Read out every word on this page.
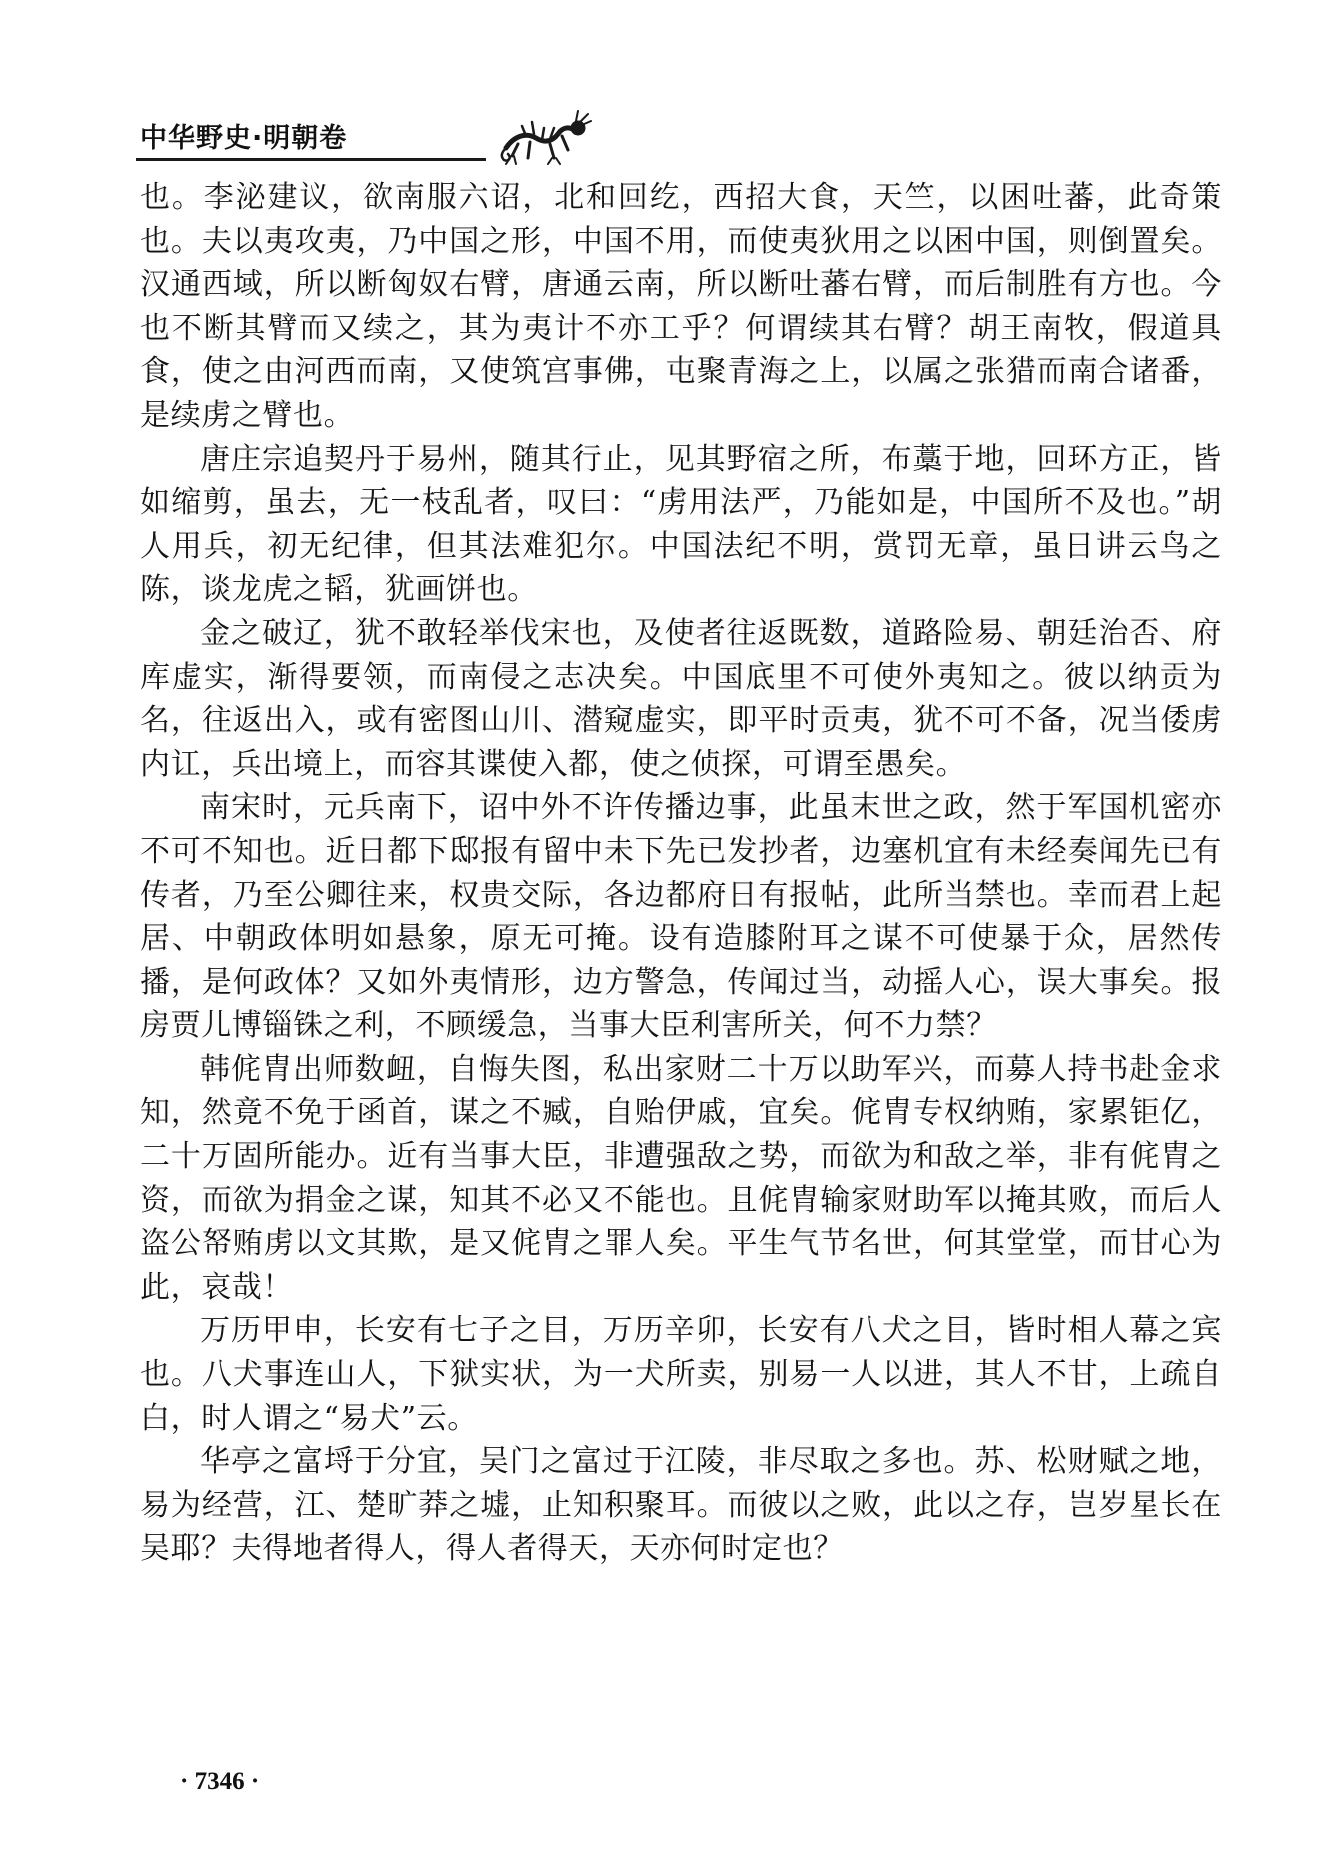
中华野史·明朝卷

也。李泌建议，欲南服六诏，北和回纥，西招大食，天竺，以困吐蕃，此奇策也。夫以夷攻夷，乃中国之形，中国不用，而使夷狄用之以困中国，则倒置矣。汉通西域，所以断匈奴右臂，唐通云南，所以断吐蕃右臂，而后制胜有方也。今也不断其臂而又续之，其为夷计不亦工乎？何谓续其右臂？胡王南牧，假道具食，使之由河西而南，又使筑宫事佛，屯聚青海之上，以属之张猎而南合诸番，是续虏之臂也。

唐庄宗追契丹于易州，随其行止，见其野宿之所，布藁于地，回环方正，皆如缩剪，虽去，无一枝乱者，叹曰：“虏用法严，乃能如是，中国所不及也。”胡人用兵，初无纪律，但其法难犯尔。中国法纪不明，赏罚无章，虽日讲云鸟之陈，谈龙虎之韬，犹画饼也。

金之破辽，犹不敢轻举伐宋也，及使者往返既数，道路险易、朝廷治否、府库虚实，渐得要领，而南侵之志决矣。中国底里不可使外夷知之。彼以纳贡为名，往返出入，或有密图山川、潜窥虚实，即平时贡夷，犹不可不备，况当倭虏内讧，兵出境上，而容其谍使入都，使之侦探，可谓至愚矣。

南宋时，元兵南下，诏中外不许传播边事，此虽末世之政，然于军国机密亦不可不知也。近日都下邸报有留中未下先已发抄者，边塞机宜有未经奏闻先已有传者，乃至公卿往来，权贵交际，各边都府日有报帖，此所当禁也。幸而君上起居、中朝政体明如悬象，原无可掩。设有造膝附耳之谋不可使暴于众，居然传播，是何政体？又如外夷情形，边方警急，传闻过当，动摇人心，误大事矣。报房贾儿博锱铢之利，不顾缓急，当事大臣利害所关，何不力禁？

韩侂胄出师数衄，自悔失图，私出家财二十万以助军兴，而募人持书赴金求知，然竟不免于函首，谋之不臧，自贻伊戚，宜矣。侂胄专权纳贿，家累钜亿，二十万固所能办。近有当事大臣，非遭强敌之势，而欲为和敌之举，非有侂胄之资，而欲为捐金之谋，知其不必又不能也。且侂胄输家财助军以掩其败，而后人盗公帑贿虏以文其欺，是又侂胄之罪人矣。平生气节名世，何其堂堂，而甘心为此，哀哉！

万历甲申，长安有七子之目，万历辛卯，长安有八犬之目，皆时相人幕之宾也。八犬事连山人，下狱实状，为一犬所卖，别易一人以进，其人不甘，上疏自白，时人谓之“易犬”云。

华亭之富埒于分宜，吴门之富过于江陵，非尽取之多也。苏、松财赋之地，易为经营，江、楚旷莽之墟，止知积聚耳。而彼以之败，此以之存，岂岁星长在吴耶？夫得地者得人，得人者得天，天亦何时定也？

· 7346 ·
